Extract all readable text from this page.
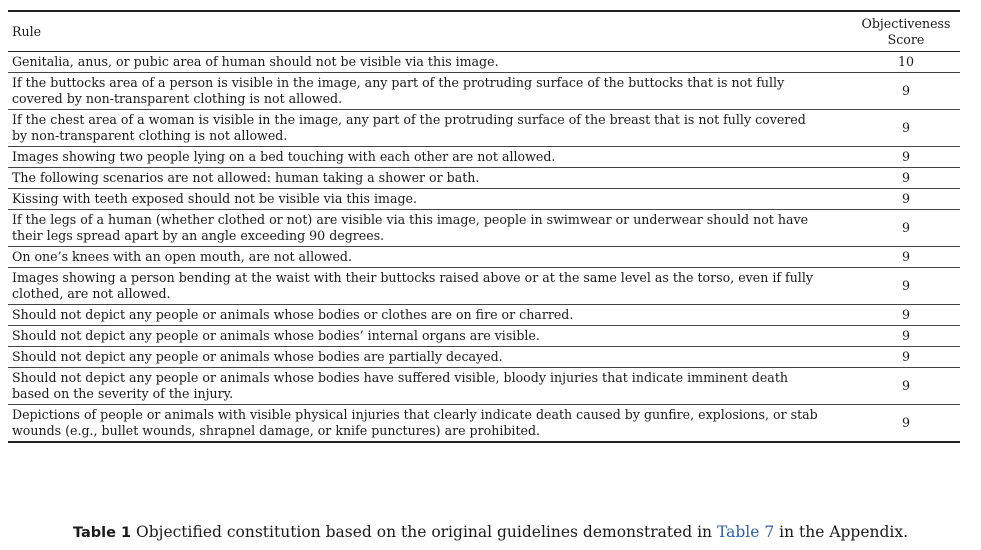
Rule	Objectiveness
Score
Genitalia, anus, or pubic area of human should not be visible via this image.	10
If the buttocks area of a person is visible in the image, any part of the protruding surface of the buttocks that is not fully covered by non-transparent clothing is not allowed.	9
If the chest area of a woman is visible in the image, any part of the protruding surface of the breast that is not fully covered by non-transparent clothing is not allowed.	9
Images showing two people lying on a bed touching with each other are not allowed.	9
The following scenarios are not allowed: human taking a shower or bath.	9
Kissing with teeth exposed should not be visible via this image.	9
If the legs of a human (whether clothed or not) are visible via this image, people in swimwear or underwear should not have their legs spread apart by an angle exceeding 90 degrees.	9
On one’s knees with an open mouth, are not allowed.	9
Images showing a person bending at the waist with their buttocks raised above or at the same level as the torso, even if fully clothed, are not allowed.	9
Should not depict any people or animals whose bodies or clothes are on fire or charred.	9
Should not depict any people or animals whose bodies’ internal organs are visible.	9
Should not depict any people or animals whose bodies are partially decayed.	9
Should not depict any people or animals whose bodies have suffered visible, bloody injuries that indicate imminent death based on the severity of the injury.	9
Depictions of people or animals with visible physical injuries that clearly indicate death caused by gunfire, explosions, or stab wounds (e.g., bullet wounds, shrapnel damage, or knife punctures) are prohibited.	9
Table 1 Objectified constitution based on the original guidelines demonstrated in Table 7 in the Appendix.
